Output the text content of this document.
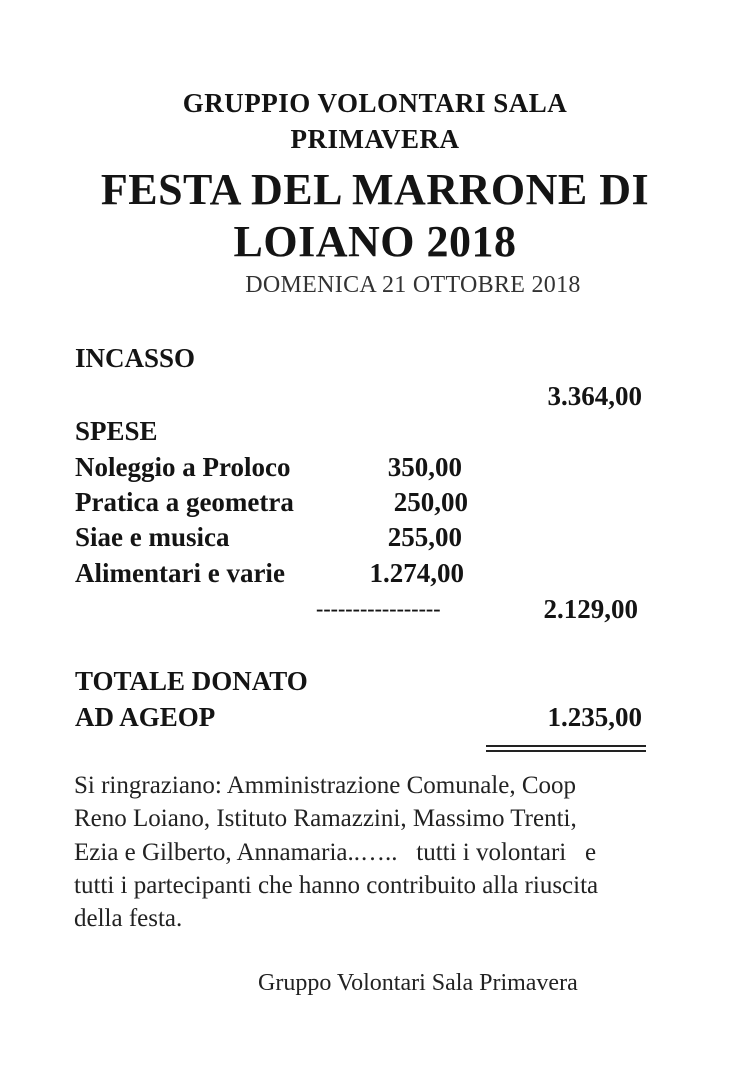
GRUPPIO VOLONTARI SALA
PRIMAVERA
FESTA DEL MARRONE DI
LOIANO 2018
DOMENICA 21 OTTOBRE 2018
INCASSO
3.364,00
SPESE
Noleggio a Proloco	350,00
Pratica a geometra	250,00
Siae e musica	255,00
Alimentari e varie	1.274,00
-----------------	2.129,00
TOTALE DONATO
AD AGEOP	1.235,00
Si ringraziano: Amministrazione Comunale, Coop
Reno Loiano, Istituto Ramazzini, Massimo Trenti,
Ezia e Gilberto, Annamaria..…..   tutti i volontari   e
tutti i partecipanti che hanno contribuito alla riuscita
della festa.
Gruppo Volontari Sala Primavera
